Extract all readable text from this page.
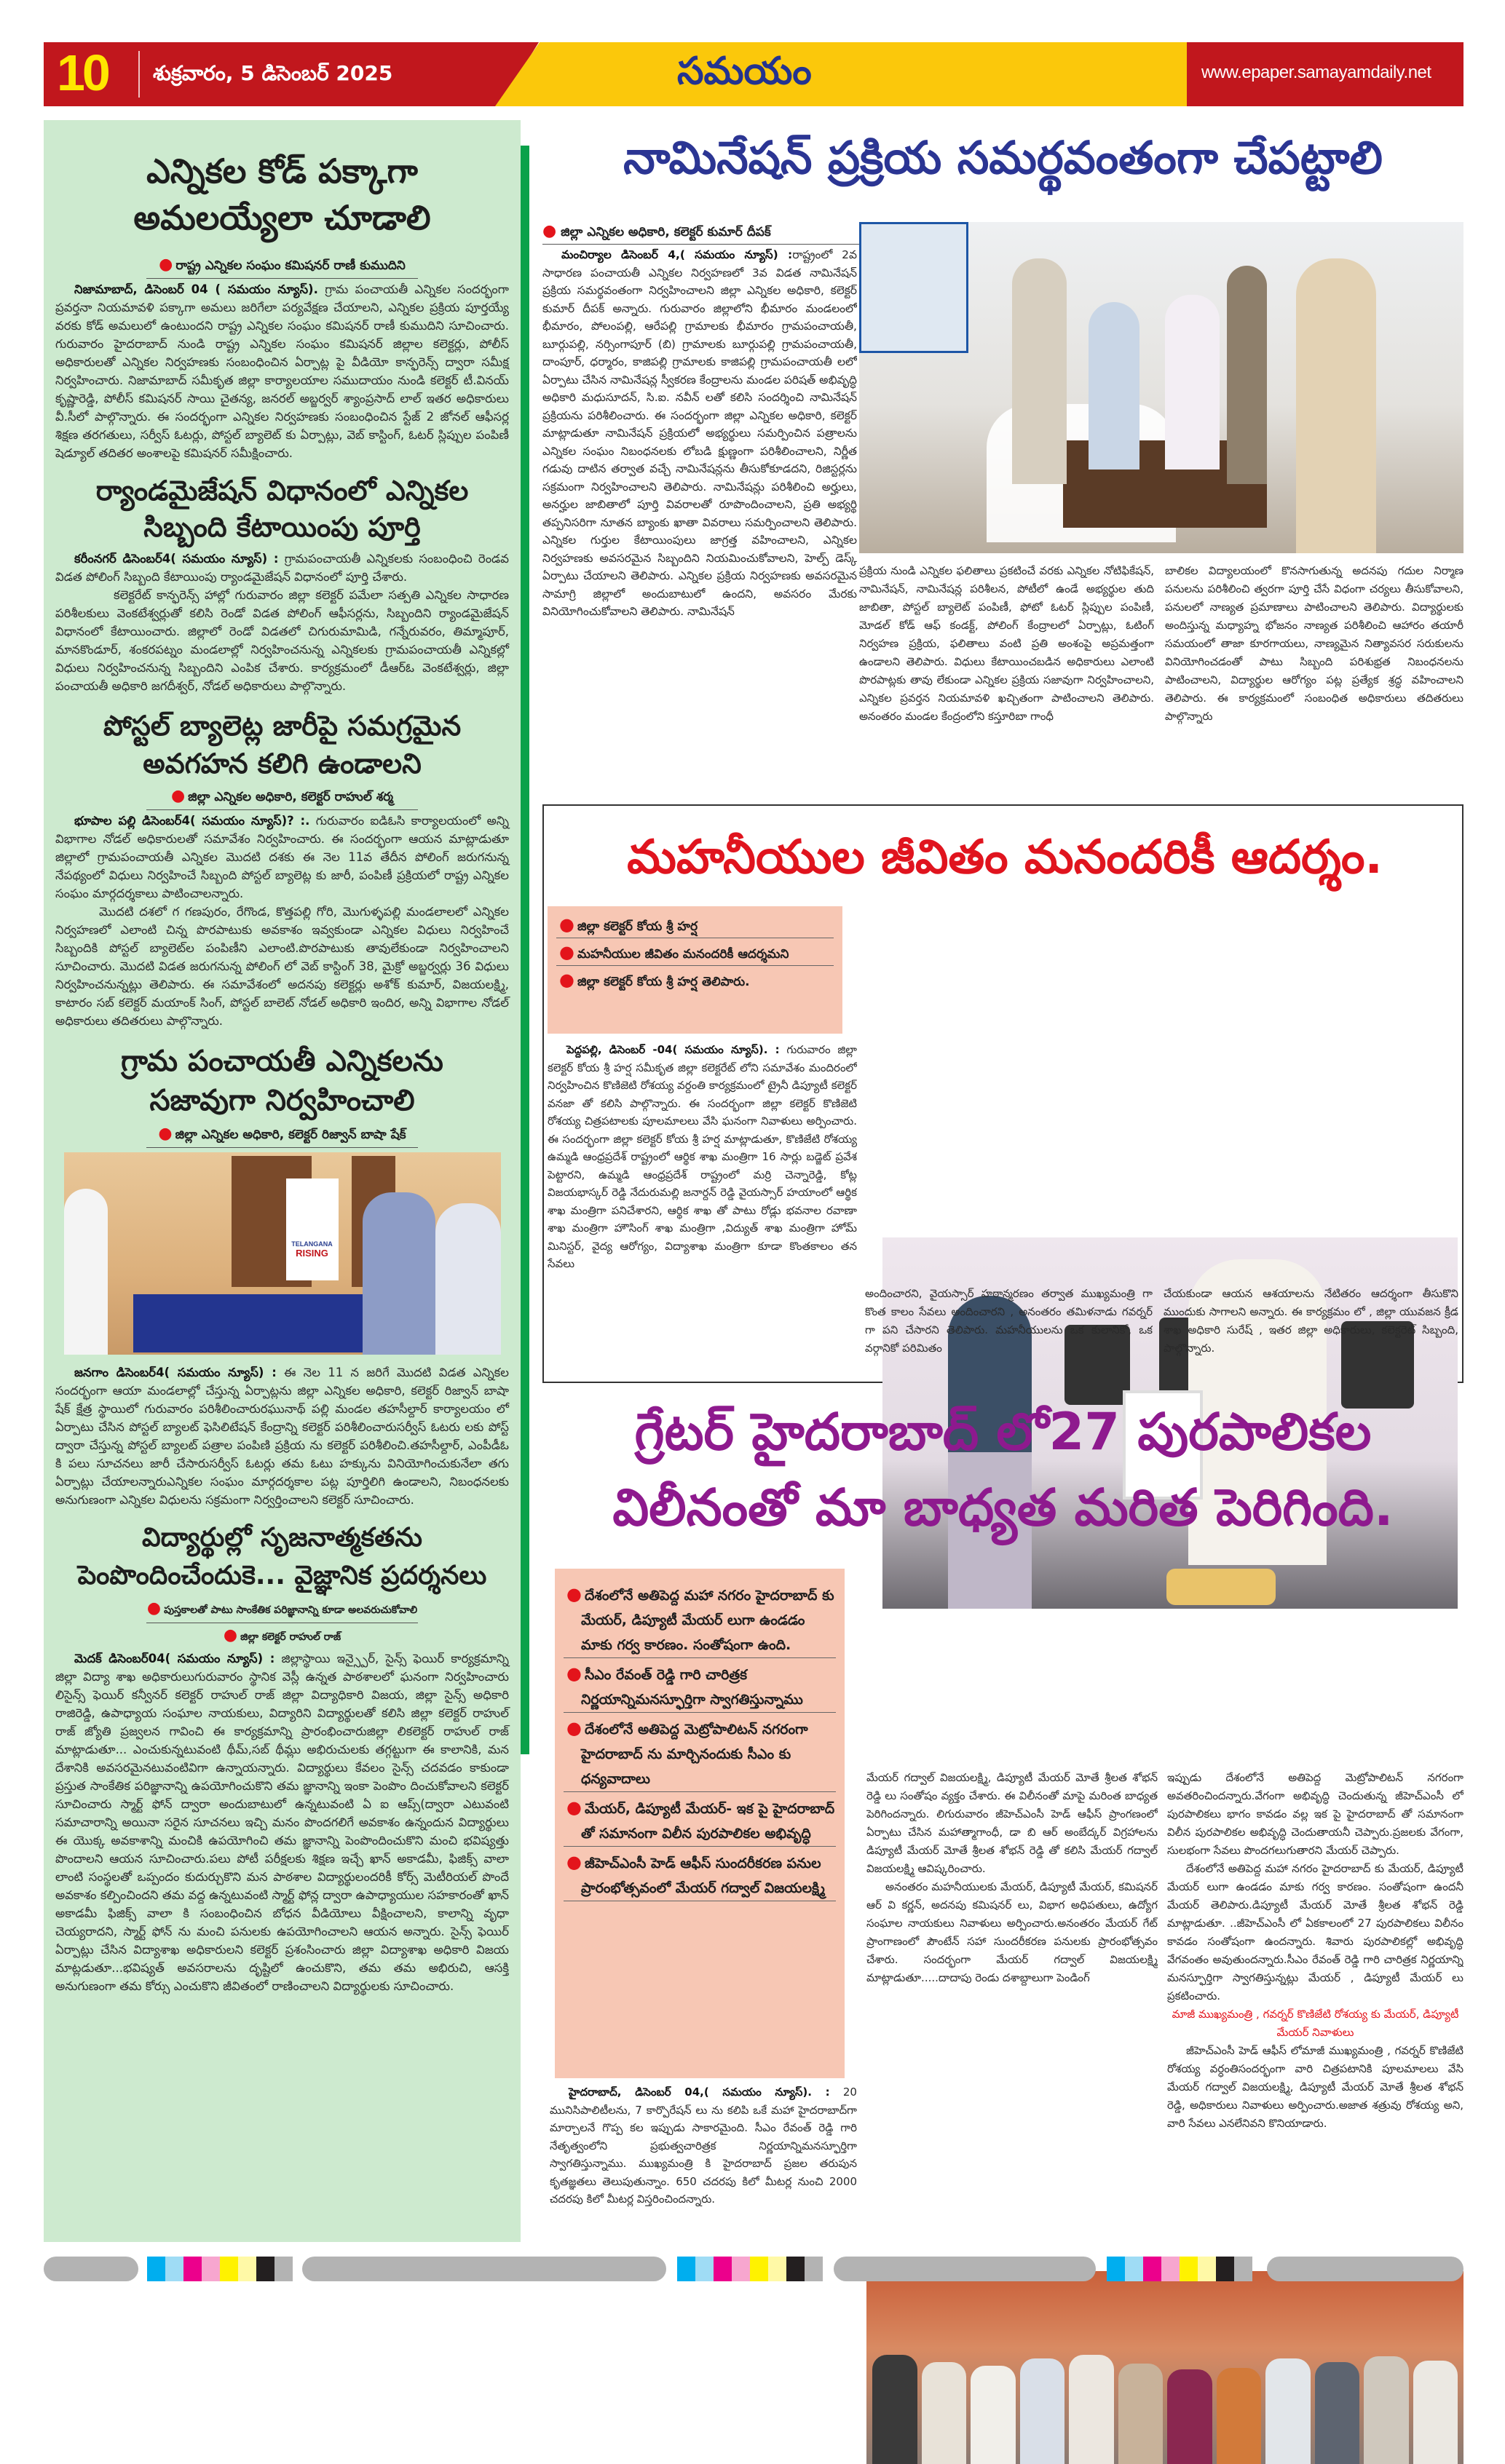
10 శుక్రవారం, 5 డిసెంబర్ 2025	సమయం	www.epaper.samayamdaily.net
ఎన్నికల కోడ్ పక్కాగా
అమలయ్యేలా చూడాలి
● రాష్ట్ర ఎన్నికల సంఘం కమిషనర్ రాణీ కుముదిని

నిజామాబాద్, డిసెంబర్ 04 ( సమయం న్యూస్). గ్రామ పంచాయతీ ఎన్నికల సందర్భంగా ప్రవర్తనా నియమావళి పక్కాగా అమలు జరిగేలా పర్యవేక్షణ చేయాలని, ఎన్నికల ప్రక్రియ పూర్తయ్యే వరకు కోడ్ అమలులో ఉంటుందని రాష్ట్ర ఎన్నికల సంఘం కమిషనర్ రాణీ కుముదిని సూచించారు. గురువారం హైదరాబాద్ నుండి రాష్ట్ర ఎన్నికల సంఘం కమిషనర్ జిల్లాల కలెక్టర్లు, పోలీస్ అధికారులతో ఎన్నికల నిర్వహణకు సంబంధించిన ఏర్పాట్ల పై వీడియో కాన్ఫరెన్స్ ద్వారా సమీక్ష నిర్వహించారు. నిజామాబాద్ సమీకృత జిల్లా కార్యాలయాల సముదాయం నుండి కలెక్టర్ టీ.వినయ్ కృష్ణారెడ్డి, పోలీస్ కమిషనర్ సాయి చైతన్య, జనరల్ అబ్జర్వర్ శ్యాంప్రసాద్ లాల్ ఇతర అధికారులు వీ.సీలో పాల్గొన్నారు. ఈ సందర్భంగా ఎన్నికల నిర్వహణకు సంబంధించిన స్టేజ్ 2 జోనల్ ఆఫీసర్ల శిక్షణ తరగతులు, సర్వీస్ ఓటర్లు, పోస్టల్ బ్యాలెట్ కు ఏర్పాట్లు, వెబ్ కాస్టింగ్, ఓటర్ స్లిప్పుల పంపిణీ షెడ్యూల్ తదితర అంశాలపై కమిషనర్ సమీక్షించారు.

ర్యాండమైజేషన్ విధానంలో ఎన్నికల
సిబ్బంది కేటాయింపు పూర్తి

కరీంనగర్ డిసెంబర్4( సమయం న్యూస్) : గ్రామపంచాయతీ ఎన్నికలకు సంబంధించి రెండవ విడత పోలింగ్ సిబ్బంది కేటాయింపు ర్యాండమైజేషన్ విధానంలో పూర్తి చేశారు.

కలెక్టరేట్ కాన్ఫరెన్స్ హాల్లో గురువారం జిల్లా కలెక్టర్ పమేలా సత్పతి ఎన్నికల సాధారణ పరిశీలకులు వెంకటేశ్వర్లుతో కలిసి రెండో విడత పోలింగ్ ఆఫీసర్లను, సిబ్బందిని ర్యాండమైజేషన్ విధానంలో కేటాయించారు. జిల్లాలో రెండో విడతలో చిగురుమామిడి, గన్నేరువరం, తిమ్మాపూర్, మానకొండూర్, శంకరపట్నం మండలాల్లో నిర్వహించనున్న ఎన్నికలకు గ్రామపంచాయతీ ఎన్నికల్లో విధులు నిర్వహించనున్న సిబ్బందిని ఎంపిక చేశారు. కార్యక్రమంలో డీఆర్ఓ వెంకటేశ్వర్లు, జిల్లా పంచాయతీ అధికారి జగదీశ్వర్, నోడల్ అధికారులు పాల్గొన్నారు.

పోస్టల్ బ్యాలెట్ల జారీపై సమగ్రమైన
అవగహన కలిగి ఉండాలని
● జిల్లా ఎన్నికల అధికారి, కలెక్టర్ రాహుల్ శర్మ

భూపాల పల్లి డిసెంబర్4( సమయం న్యూస్)? :. గురువారం ఐడిఓసి కార్యాలయంలో అన్ని విభాగాల నోడల్ అధికారులతో సమావేశం నిర్వహించారు. ఈ సందర్భంగా ఆయన మాట్లాడుతూ జిల్లాలో గ్రామపంచాయతీ ఎన్నికల మొదటి దశకు ఈ నెల 11వ తేదీన పోలింగ్ జరుగనున్న నేపథ్యంలో విధులు నిర్వహించే సిబ్బంది పోస్టల్ బ్యాలెట్ల కు జారీ, పంపిణీ ప్రక్రియలో రాష్ట్ర ఎన్నికల సంఘం మార్గదర్శకాలు పాటించాలన్నారు.

మొదటి దశలో గ గణపురం, రేగొండ, కొత్తపల్లి గోరి, మొగుళ్ళపల్లి మండలాలలో ఎన్నికల నిర్వహణలో ఎలాంటి చిన్న పొరపాటుకు అవకాశం ఇవ్వకుండా ఎన్నికల విధులు నిర్వహించే సిబ్బందికి పోస్టల్ బ్యాలెట్‌ల పంపిణీని ఎలాంటి.పొరపాటుకు తావులేకుండా నిర్వహించాలని సూచించారు. మొదటి విడత జరుగనున్న పోలింగ్ లో వెబ్ కాస్టింగ్ 38, మైక్రో అబ్జర్వర్లు 36 విధులు నిర్వహించనున్నట్లు తెలిపారు. ఈ సమావేశంలో అదనపు కలెక్టర్లు అశోక్ కుమార్, విజయలక్ష్మి, కాటారం సబ్ కలెక్టర్ మయాంక్ సింగ్, పోస్టల్ బాలెట్ నోడల్ అధికారి ఇందిర, అన్ని విభాగాల నోడల్ అధికారులు తదితరులు పాల్గొన్నారు.

గ్రామ పంచాయతీ ఎన్నికలను
సజావుగా నిర్వహించాలి
● జిల్లా ఎన్నికల అధికారి, కలెక్టర్ రిజ్వాన్ బాషా షేక్
TELANGANA
RISING

జనగాం డిసెంబర్4( సమయం న్యూస్) : ఈ నెల 11 న జరిగే మొదటి విడత ఎన్నికల సందర్భంగా ఆయా మండలాల్లో చేస్తున్న ఏర్పాట్లను జిల్లా ఎన్నికల అధికారి, కలెక్టర్ రిజ్వాన్ బాషా షేక్ క్షేత్ర స్థాయిలో గురువారం పరిశీలించారురఘునాథ్ పల్లి మండల తహసీల్దార్ కార్యాలయం లో ఏర్పాటు చేసిన పోస్టల్ బ్యాలట్ ఫెసిలిటేషన్ కేంద్రాన్ని కలెక్టర్ పరిశీలించారుసర్వీస్ ఓటరు లకు పోస్ట్ ద్వారా చేస్తున్న పోస్టల్ బ్యాలట్ పత్రాల పంపిణి ప్రక్రియ ను కలెక్టర్ పరిశీలించి.తహసీల్దార్, ఎంపీడీఓ కి పలు సూచనలు జారీ చేసారుసర్వీస్ ఓటర్లు తమ ఓటు హక్కును వినియోగించుకునేలా తగు ఏర్పాట్లు చేయాలన్నారుఎన్నికల సంఘం మార్గదర్శకాల పట్ల పూర్తిలిగి ఉండాలని, నిబంధనలకు అనుగుణంగా ఎన్నికల విధులను సక్రమంగా నిర్వర్తించాలని కలెక్టర్ సూచించారు.

విద్యార్థుల్లో సృజనాత్మకతను
పెంపొందించేందుకె... వైజ్ఞానిక ప్రదర్శనలు
● పుస్తకాలతో పాటు సాంకేతిక పరిజ్ఞానాన్ని కూడా అలవరుచుకోవాలి
● జిల్లా కలెక్టర్ రాహుల్ రాజ్

మెదక్ డిసెంబర్04( సమయం న్యూస్) : జిల్లాస్థాయి ఇన్స్పైర్, సైన్స్ ఫెయిర్ కార్యక్రమాన్ని జిల్లా విద్యా శాఖ అధికారులుగురువారం స్థానిక వెస్లీ ఉన్నత పాఠశాలలో ఘనంగా నిర్వహించారు లిసైన్స్ ఫెయిర్ కన్వీనర్ కలెక్టర్ రాహుల్ రాజ్ జిల్లా విద్యాధికారి విజయ, జిల్లా సైన్స్ అధికారి రాజిరెడ్డి, ఉపాధ్యాయ సంఘాల నాయకులు, విద్యారిని విద్యార్థులతో కలిసి జిల్లా కలెక్టర్ రాహుల్ రాజ్ జ్యోతి ప్రజ్వలన గావించి ఈ కార్యక్రమాన్ని ప్రారంభించారుజిల్లా లికలెక్టర్ రాహుల్ రాజ్ మాట్లాడుతూ... ఎంచుకున్నటువంటి థీమ్,సబ్ థీమ్లు అభిరుచులకు తగ్గట్టుగా ఈ కాలానికి, మన దేశానికి అవసరమైనటువంటివిగా ఉన్నాయన్నారు. విద్యార్థులు కేవలం సైన్స్ చదవడం కాకుండా ప్రస్తుత సాంకేతిక పరిజ్ఞానాన్ని ఉపయోగించుకొని తమ జ్ఞానాన్ని ఇంకా పెంపొం దించుకోవాలని కలెక్టర్ సూచించారు స్మార్ట్ ఫోన్ ద్వారా అందుబాటులో ఉన్నటువంటి ఏ ఐ ఆప్స్(ద్వారా ఎటువంటి సమాచారాన్ని అయినా సరైన సూచనలు ఇచ్చి మనం పొందగలిగే అవకాశం ఉన్నందున విద్యార్థులు ఈ యొక్క అవకాశాన్ని మంచికి ఉపయోగించి తమ జ్ఞానాన్ని పెంపొందించుకొని మంచి భవిష్యత్తు పొందాలని ఆయన సూచించారు.పలు పోటీ పరీక్షలకు శిక్షణ ఇచ్చే ఖాన్ అకాడమీ, ఫిజిక్స్ వాలా లాంటి సంస్థలతో ఒప్పందం కుదుర్చుకొని మన పాఠశాల విద్యార్థులందరికీ కోర్స్ మెటీరియల్ పొందే అవకాశం కల్పించిందని తమ వద్ద ఉన్నటువంటి స్మార్ట్ ఫోన్ల ద్వారా ఉపాధ్యాయుల సహకారంతో ఖాన్ అకాడమీ ఫిజిక్స్ వాలా కి సంబంధించిన బోధన వీడియోలు వీక్షించాలని, కాలాన్ని వృధా చెయ్యరాదని, స్మార్ట్ ఫోన్ ను మంచి పనులకు ఉపయోగించాలని ఆయన అన్నారు. సైన్స్ ఫెయిర్ ఏర్పాట్లు చేసిన విద్యాశాఖ అధికారులని కలెక్టర్ ప్రశంసించారు జిల్లా విద్యాశాఖ అధికారి విజయ మాట్లడుతూ...భవిష్యత్ అవసరాలను దృష్టిలో ఉంచుకొని, తమ తమ అభిరుచి, ఆసక్తి అనుగుణంగా తమ కోర్సు ఎంచుకొని జీవితంలో రాణించాలని విద్యార్థులకు సూచించారు.

నామినేషన్ ప్రక్రియ సమర్థవంతంగా చేపట్టాలి
● జిల్లా ఎన్నికల అధికారి, కలెక్టర్ కుమార్ దీపక్

మంచిర్యాల డిసెంబర్ 4,( సమయం న్యూస్) :రాష్ట్రంలో 2వ సాధారణ పంచాయతీ ఎన్నికల నిర్వహణలో 3వ విడత నామినేషన్ ప్రక్రియ సమర్థవంతంగా నిర్వహించాలని జిల్లా ఎన్నికల అధికారి, కలెక్టర్ కుమార్ దీపక్ అన్నారు. గురువారం జిల్లాలోని భీమారం మండలంలో భీమారం, పోలంపల్లి, ఆరేపల్లి గ్రామాలకు భీమారం గ్రామపంచాయతీ, బూర్గుపల్లి, నర్సింగాపూర్ (బి) గ్రామాలకు బూర్గుపల్లి గ్రామపంచాయతీ, దాంపూర్, ధర్మారం, కాజిపల్లి గ్రామాలకు కాజిపల్లి గ్రామపంచాయతీ లలో ఏర్పాటు చేసిన నామినేషన్ల స్వీకరణ కేంద్రాలను మండల పరిషత్ అభివృద్ధి అధికారి మధుసూదన్, సి.ఐ. నవీన్ లతో కలిసి సందర్శించి నామినేషన్ ప్రక్రియను పరిశీలించారు. ఈ సందర్భంగా జిల్లా ఎన్నికల అధికారి, కలెక్టర్ మాట్లాడుతూ నామినేషన్ ప్రక్రియలో అభ్యర్థులు సమర్పించిన పత్రాలను ఎన్నికల సంఘం నిబంధనలకు లోబడి క్షుణ్ణంగా పరిశీలించాలని, నిర్ణీత గడువు దాటిన తర్వాత వచ్చే నామినేషన్లను తీసుకోకూడదని, రిజిస్టర్లను సక్రమంగా నిర్వహించాలని తెలిపారు. నామినేషన్లు పరిశీలించి అర్హులు, అనర్హుల జాబితాలో పూర్తి వివరాలతో రూపొందించాలని, ప్రతి అభ్యర్థి తప్పనిసరిగా నూతన బ్యాంకు ఖాతా వివరాలు సమర్పించాలని తెలిపారు. ఎన్నికల గుర్తుల కేటాయింపులు జాగ్రత్త వహించాలని, ఎన్నికల నిర్వహణకు అవసరమైన సిబ్బందిని నియమించుకోవాలని, హెల్ప్ డెస్క్ ఏర్పాటు చేయాలని తెలిపారు. ఎన్నికల ప్రక్రియ నిర్వహణకు అవసరమైన సామాగ్రి జిల్లాలో అందుబాటులో ఉందని, అవసరం మేరకు వినియోగించుకోవాలని తెలిపారు. నామినేషన్

ప్రక్రియ నుండి ఎన్నికల ఫలితాలు ప్రకటించే వరకు ఎన్నికల నోటిఫికేషన్, నామినేషన్, నామినేషన్ల పరిశీలన, పోటీలో ఉండే అభ్యర్థుల తుది జాబితా, పోస్టల్ బ్యాలెట్ పంపిణీ, ఫోటో ఓటర్ స్లిప్పుల పంపిణీ, మోడల్ కోడ్ ఆఫ్ కండక్ట్, పోలింగ్ కేంద్రాలలో ఏర్పాట్లు, ఓటింగ్ నిర్వహణ ప్రక్రియ, ఫలితాలు వంటి ప్రతి అంశంపై అప్రమత్తంగా ఉండాలని తెలిపారు. విధులు కేటాయించబడిన అధికారులు ఎలాంటి పొరపాట్లకు తావు లేకుండా ఎన్నికల ప్రక్రియ సజావుగా నిర్వహించాలని, ఎన్నికల ప్రవర్తన నియమావళి ఖచ్చితంగా పాటించాలని తెలిపారు. అనంతరం మండల కేంద్రంలోని కస్తూరిబా గాంధీ
బాలికల విద్యాలయంలో కొనసాగుతున్న అదనపు గదుల నిర్మాణ పనులను పరిశీలించి త్వరగా పూర్తి చేసే విధంగా చర్యలు తీసుకోవాలని, పనులలో నాణ్యత ప్రమాణాలు పాటించాలని తెలిపారు. విద్యార్థులకు అందిస్తున్న మధ్యాహ్న భోజనం నాణ్యత పరిశీలించి ఆహారం తయారీ సమయంలో తాజా కూరగాయలు, నాణ్యమైన నిత్యావసర సరుకులను వినియోగించడంతో పాటు సిబ్బంది పరిశుభ్రత నిబంధనలను పాటించాలని, విద్యార్థుల ఆరోగ్యం పట్ల ప్రత్యేక శ్రద్ధ వహించాలని తెలిపారు. ఈ కార్యక్రమంలో సంబంధిత అధికారులు తదితరులు పాల్గొన్నారు
మహనీయుల జీవితం మనందరికీ ఆదర్శం.
● జిల్లా కలెక్టర్ కోయ శ్రీ హర్ష
● మహనీయుల జీవితం మనందరికీ ఆదర్శమని
● జిల్లా కలెక్టర్ కోయ శ్రీ హర్ష తెలిపారు.

పెద్దపల్లి, డిసెంబర్ -04( సమయం న్యూస్). : గురువారం జిల్లా కలెక్టర్ కోయ శ్రీ హర్ష సమీకృత జిల్లా కలెక్టరేట్ లోని సమావేశం మందిరంలో నిర్వహించిన కొణిజెటి రోశయ్య వర్దంతి కార్యక్రమంలో ట్రైనీ డిప్యూటీ కలెక్టర్ వనజా తో కలిసి పాల్గొన్నారు. ఈ సందర్భంగా జిల్లా కలెక్టర్ కొణిజెటి రోశయ్య చిత్రపటాలకు పూలమాలలు వేసి ఘనంగా నివాళులు అర్పించారు. ఈ సందర్భంగా జిల్లా కలెక్టర్ కోయ శ్రీ హర్ష మాట్లాడుతూ, కొణిజేటి రోశయ్య ఉమ్మడి ఆంధ్రప్రదేశ్ రాష్ట్రంలో ఆర్థిక శాఖ మంత్రిగా 16 సార్లు బడ్జెట్ ప్రవేశ పెట్టారని, ఉమ్మడి ఆంధ్రప్రదేశ్ రాష్ట్రంలో మర్రి చెన్నారెడ్డి, కోట్ల విజయభాస్కర్ రెడ్డి నేదురుమల్లి జనార్దన్ రెడ్డి వైయస్సార్ హయాంలో ఆర్థిక శాఖ మంత్రిగా పనిచేశారని, ఆర్థిక శాఖ తో పాటు రోడ్లు భవనాల రవాణా శాఖ మంత్రిగా హౌసింగ్ శాఖ మంత్రిగా ,విద్యుత్ శాఖ మంత్రిగా హోమ్ మినిస్టర్, వైద్య ఆరోగ్యం, విద్యాశాఖ మంత్రిగా కూడా కొంతకాలం తన సేవలు

అందించారని, వైయస్సార్ హఠాన్మరణం తర్వాత ముఖ్యమంత్రి గా కొంత కాలం సేవలు అందించారని , అనంతరం తమిళనాడు గవర్నర్ గా పని చేసారని తెలిపారు. మహనీయులను ఒక కులానికో, ఒక వర్గానికో పరిమితం
చేయకుండా ఆయన ఆశయాలను నేటితరం ఆదర్శంగా తీసుకొని ముందుకు సాగాలని అన్నారు. ఈ కార్యక్రమం లో , జిల్లా యువజన క్రీడ శాఖ అధికారి సురేష్ , ఇతర జిల్లా అధికారులు, కలెక్టరెట్ సిబ్బంది, పాల్గొన్నారు.
గ్రేటర్ హైదరాబాద్ లో27 పురపాలికల
విలీనంతో మా బాధ్యత మరిత పెరిగింది.
● దేశంలోనే అతిపెద్ద మహా నగరం హైదరాబాద్ కు మేయర్, డిప్యూటీ మేయర్ లుగా ఉండడం మాకు గర్వ కారణం. సంతోషంగా ఉంది.
● సీఎం రేవంత్ రెడ్డి గారి చారిత్రక నిర్ణయాన్నిమనస్ఫూర్తిగా స్వాగతిస్తున్నాము
● దేశంలోనే అతిపెద్ద మెట్రోపాలిటన్ నగరంగా హైదరాబాద్ ను మార్చినందుకు సీఎం కు ధన్యవాదాలు
● మేయర్, డిప్యూటీ మేయర్- ఇక పై హైదరాబాద్ తో సమానంగా విలీన పురపాలికల అభివృద్ధి
● జీహెచ్ఎంసీ హెడ్ ఆఫీస్ సుందరీకరణ పనుల ప్రారంభోత్సవంలో మేయర్ గద్వాల్ విజయలక్ష్మి

హైదరాబాద్, డిసెంబర్ 04,( సమయం న్యూస్). : 20 మునిసిపాలిటీలను, 7 కార్పొరేషన్ లు ను కలిపి ఒకే మహా హైదరాబాద్‌గా మార్చాలనే గొప్ప కల ఇప్పుడు సాకారమైంది. సీఎం రేవంత్ రెడ్డి గారి నేతృత్వంలోని ప్రభుత్వచారిత్రక నిర్ణయాన్నిమనస్ఫూర్తిగా స్వాగతిస్తున్నాము. ముఖ్యమంత్రి కి హైదరాబాద్ ప్రజల తరుపున కృతజ్ఞతలు తెలుపుతున్నాం. 650 చదరపు కిలో మీటర్ల నుంచి 2000 చదరపు కిలో మీటర్ల విస్తరించిందన్నారు.

మేయర్ గద్వాల్ విజయలక్ష్మి, డిప్యూటీ మేయర్ మోతే శ్రీలత శోభన్ రెడ్డి లు సంతోషం వ్యక్తం చేశారు. ఈ విలీనంతో మాపై మరింత బాధ్యత పెరిగిందన్నారు. లిగురువారం జీహెచ్ఎంసీ హెడ్ ఆఫీస్ ప్రాంగణంలో ఏర్పాటు చేసిన మహాత్మాగాంధీ, డా బి ఆర్ అంబేద్కర్ విగ్రహాలను డిప్యూటీ మేయర్ మోతే శ్రీలత శోభన్ రెడ్డి తో కలిసి మేయర్ గద్వాల్ విజయలక్ష్మి ఆవిష్కరించారు.

అనంతరం మహనీయులకు మేయర్, డిప్యూటీ మేయర్, కమిషనర్ ఆర్ వి కర్ణన్, అదనపు కమిషనర్ లు, విభాగ అధిపతులు, ఉద్యోగ సంఘాల నాయకులు నివాళులు అర్పించారు.అనంతరం మేయర్ గేట్ ప్రాంగాణంలో పౌంటేన్ సహా సుందరీకరణ పనులకు ప్రారంభోత్సవం చేశారు. సందర్భంగా మేయర్ గద్వాల్ విజయలక్ష్మి మాట్లాడుతూ.....దాదాపు రెండు దశాబ్దాలుగా పెండింగ్

ఇప్పుడు దేశంలోనే అతిపెద్ద మెట్రోపాలిటన్ నగరంగా అవతరించిందన్నారు.వేగంగా అభివృద్ధి చెందుతున్న జీహెచ్ఎంసీ లో పురపాలికలు భాగం కావడం వల్ల ఇక పై హైదరాబాద్ తో సమానంగా విలీన పురపాలికల అభివృద్ధి చెందుతాయనీ చెప్పారు.ప్రజలకు వేగంగా, సులభంగా సేవలు పొందగలుగుతారని మేయర్ చెప్పారు.

దేశంలోనే అతిపెద్ద మహా నగరం హైదరాబాద్ కు మేయర్, డిప్యూటీ మేయర్ లుగా ఉండడం మాకు గర్వ కారణం. సంతోషంగా ఉందనీ మేయర్ తెలిపారు.డిప్యూటీ మేయర్ మోతే శ్రీలత శోభన్ రెడ్డి మాట్లాడుతూ. ..జీహెచ్ఎంసీ లో ఏకకాలంలో 27 పురపాలికలు విలీనం కావడం సంతోషంగా ఉందన్నారు. శివారు పురపాలికల్లో అభివృద్ధి వేగవంతం అవుతుందన్నారు.సీఎం రేవంత్ రెడ్డి గారి చారిత్రక నిర్ణయాన్ని మనస్ఫూర్తిగా స్వాగతిస్తున్నట్లు మేయర్ , డిప్యూటీ మేయర్ లు ప్రకటించారు.

మాజీ ముఖ్యమంత్రి , గవర్నర్ కొణిజేటి రోశయ్య కు మేయర్, డిప్యూటీ మేయర్ నివాళులు

జీహెచ్ఎంసీ హెడ్ ఆఫీస్ లోమాజీ ముఖ్యమంత్రి , గవర్నర్ కొణిజేటి రోశయ్య వర్ధంతిసందర్భంగా వారి చిత్రపటానికి పూలమాలలు వేసి మేయర్ గద్వాల్ విజయలక్ష్మి, డిప్యూటీ మేయర్ మోతే శ్రీలత శోభన్ రెడ్డి, అధికారులు నివాళులు అర్పించారు.అజాత శత్రువు రోశయ్య అని, వారి సేవలు ఎనలేనివని కొనియాడారు.
